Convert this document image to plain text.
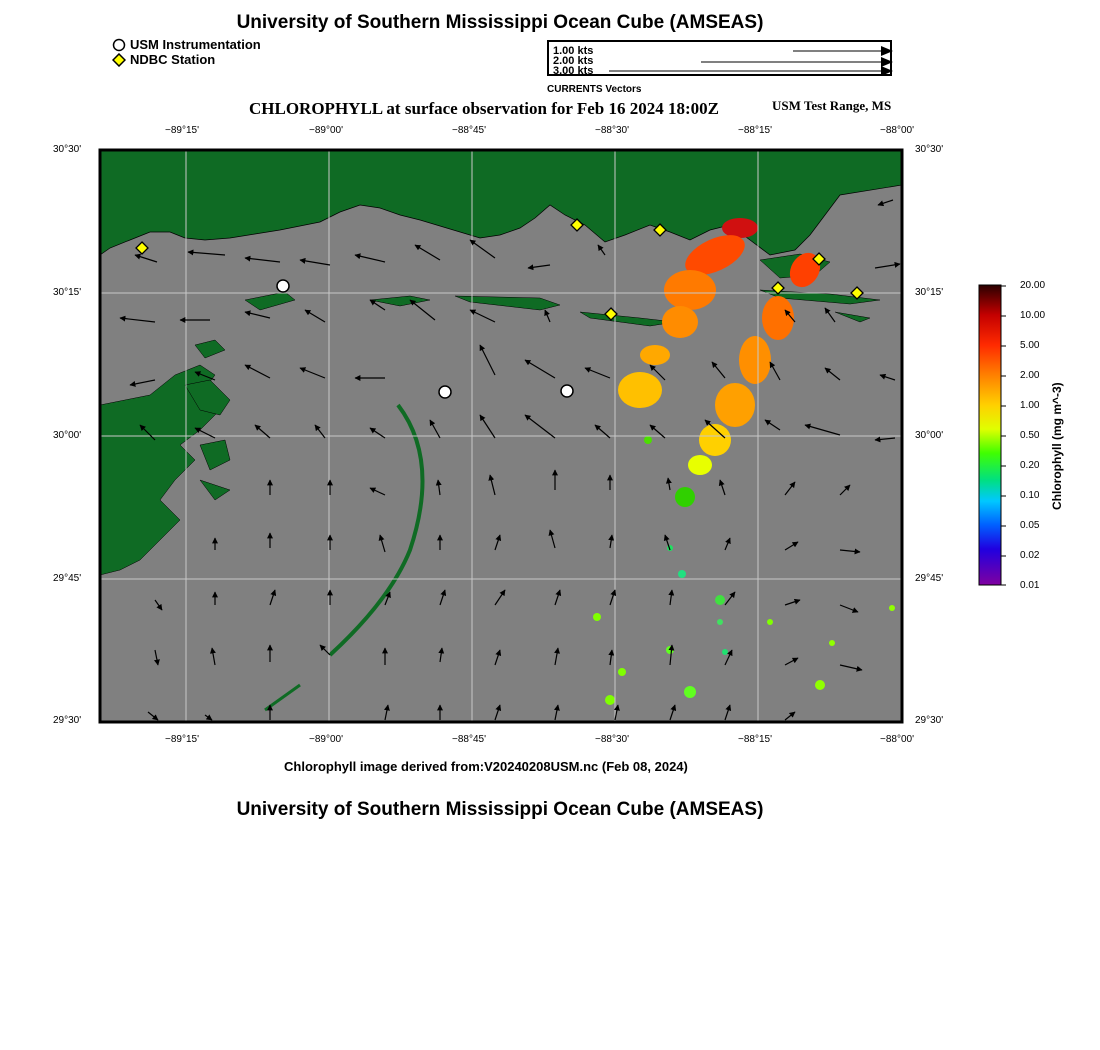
University of Southern Mississippi Ocean Cube (AMSEAS)
USM Instrumentation
NDBC Station
1.00 kts
2.00 kts
3.00 kts
CURRENTS Vectors
CHLOROPHYLL at surface observation for Feb 16 2024 18:00Z	USM Test Range, MS
−89°15'	−89°00'	−88°45'	−88°30'	−88°15'	−88°00'
−89°15'	−89°00'	−88°45'	−88°30'	−88°15'	−88°00'
30°30'
30°15'
30°00'
29°45'
29°30'
30°30'
30°15'
30°00'
29°45'
29°30'
20.00
10.00
5.00
2.00
1.00
0.50
0.20
0.10
0.05
0.02
0.01
Chlorophyll (mg m^-3)
Chlorophyll image derived from:V20240208USM.nc (Feb 08, 2024)
University of Southern Mississippi Ocean Cube (AMSEAS)
